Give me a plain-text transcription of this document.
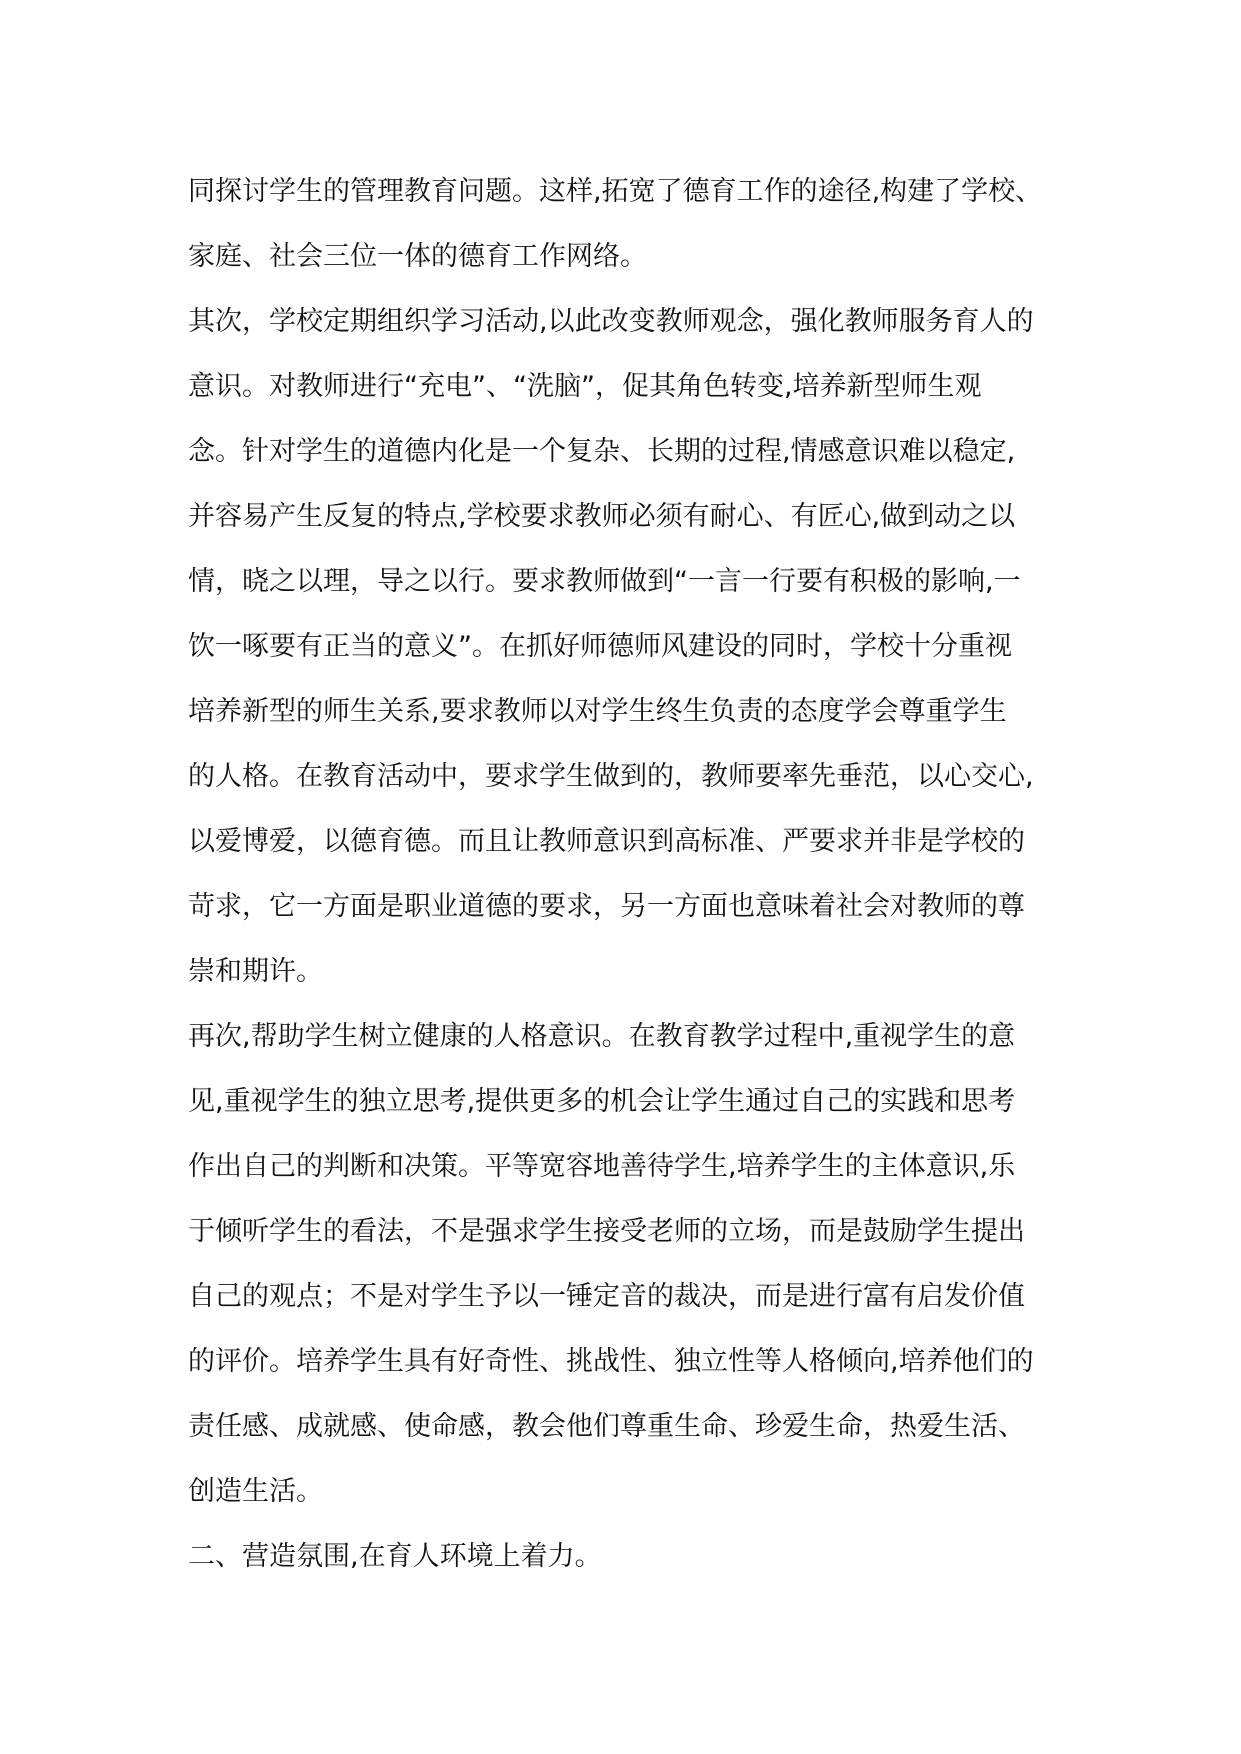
同探讨学生的管理教育问题。这样,拓宽了德育工作的途径,构建了学校、
家庭、社会三位一体的德育工作网络。
其次，学校定期组织学习活动,以此改变教师观念，强化教师服务育人的
意识。对教师进行“充电”、“洗脑”，促其角色转变,培养新型师生观
念。针对学生的道德内化是一个复杂、长期的过程,情感意识难以稳定,
并容易产生反复的特点,学校要求教师必须有耐心、有匠心,做到动之以
情，晓之以理，导之以行。要求教师做到“一言一行要有积极的影响,一
饮一啄要有正当的意义”。在抓好师德师风建设的同时，学校十分重视
培养新型的师生关系,要求教师以对学生终生负责的态度学会尊重学生
的人格。在教育活动中，要求学生做到的，教师要率先垂范，以心交心,
以爱博爱，以德育德。而且让教师意识到高标准、严要求并非是学校的
苛求，它一方面是职业道德的要求，另一方面也意味着社会对教师的尊
崇和期许。
再次,帮助学生树立健康的人格意识。在教育教学过程中,重视学生的意
见,重视学生的独立思考,提供更多的机会让学生通过自己的实践和思考
作出自己的判断和决策。平等宽容地善待学生,培养学生的主体意识,乐
于倾听学生的看法，不是强求学生接受老师的立场，而是鼓励学生提出
自己的观点；不是对学生予以一锤定音的裁决，而是进行富有启发价值
的评价。培养学生具有好奇性、挑战性、独立性等人格倾向,培养他们的
责任感、成就感、使命感，教会他们尊重生命、珍爱生命，热爱生活、
创造生活。
二、营造氛围,在育人环境上着力。
